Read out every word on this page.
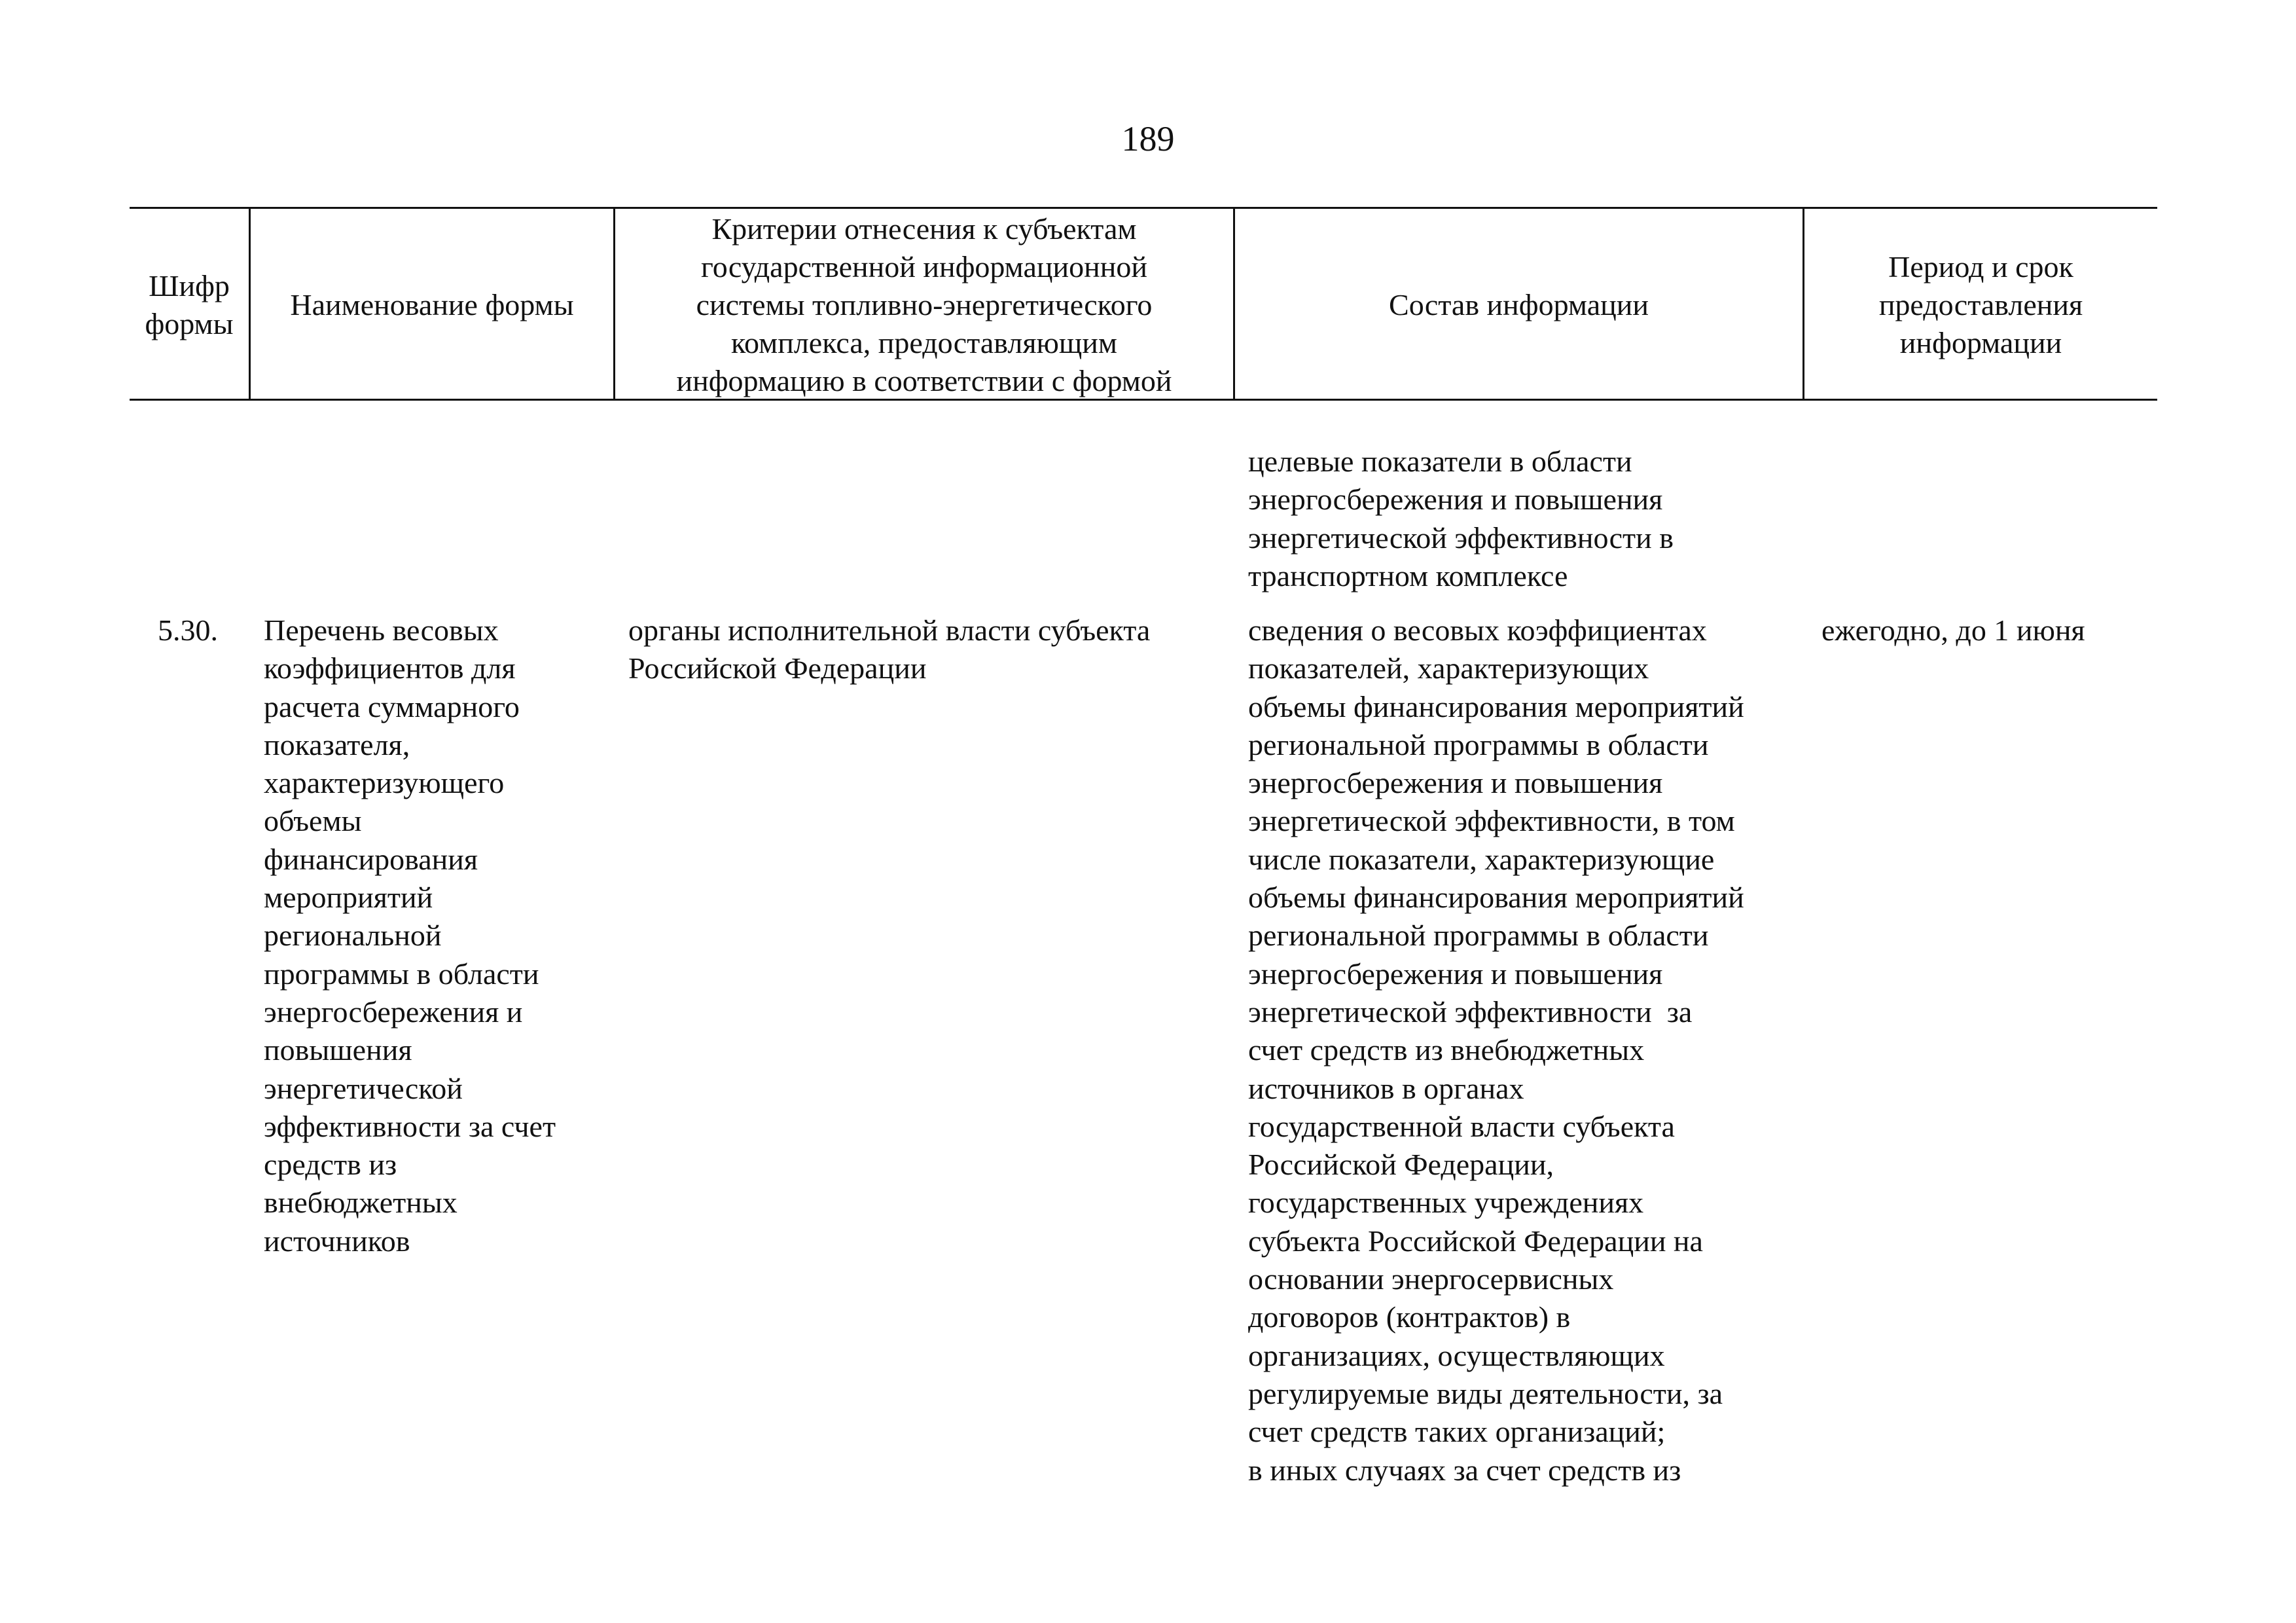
189
Шифр
формы
Наименование формы
Критерии отнесения к субъектам
государственной информационной
системы топливно-энергетического
комплекса, предоставляющим
информацию в соответствии с формой
Состав информации
Период и срок
предоставления
информации
целевые показатели в области
энергосбережения и повышения
энергетической эффективности в
транспортном комплексе
5.30. Перечень весовых
коэффициентов для
расчета суммарного
показателя,
характеризующего
объемы
финансирования
мероприятий
региональной
программы в области
энергосбережения и
повышения
энергетической
эффективности за счет
средств из
внебюджетных
источников
органы исполнительной власти субъекта
Российской Федерации
сведения о весовых коэффициентах
показателей, характеризующих
объемы финансирования мероприятий
региональной программы в области
энергосбережения и повышения
энергетической эффективности, в том
числе показатели, характеризующие
объемы финансирования мероприятий
региональной программы в области
энергосбережения и повышения
энергетической эффективности  за
счет средств из внебюджетных
источников в органах
государственной власти субъекта
Российской Федерации,
государственных учреждениях
субъекта Российской Федерации на
основании энергосервисных
договоров (контрактов) в
организациях, осуществляющих
регулируемые виды деятельности, за
счет средств таких организаций;
в иных случаях за счет средств из
ежегодно, до 1 июня
